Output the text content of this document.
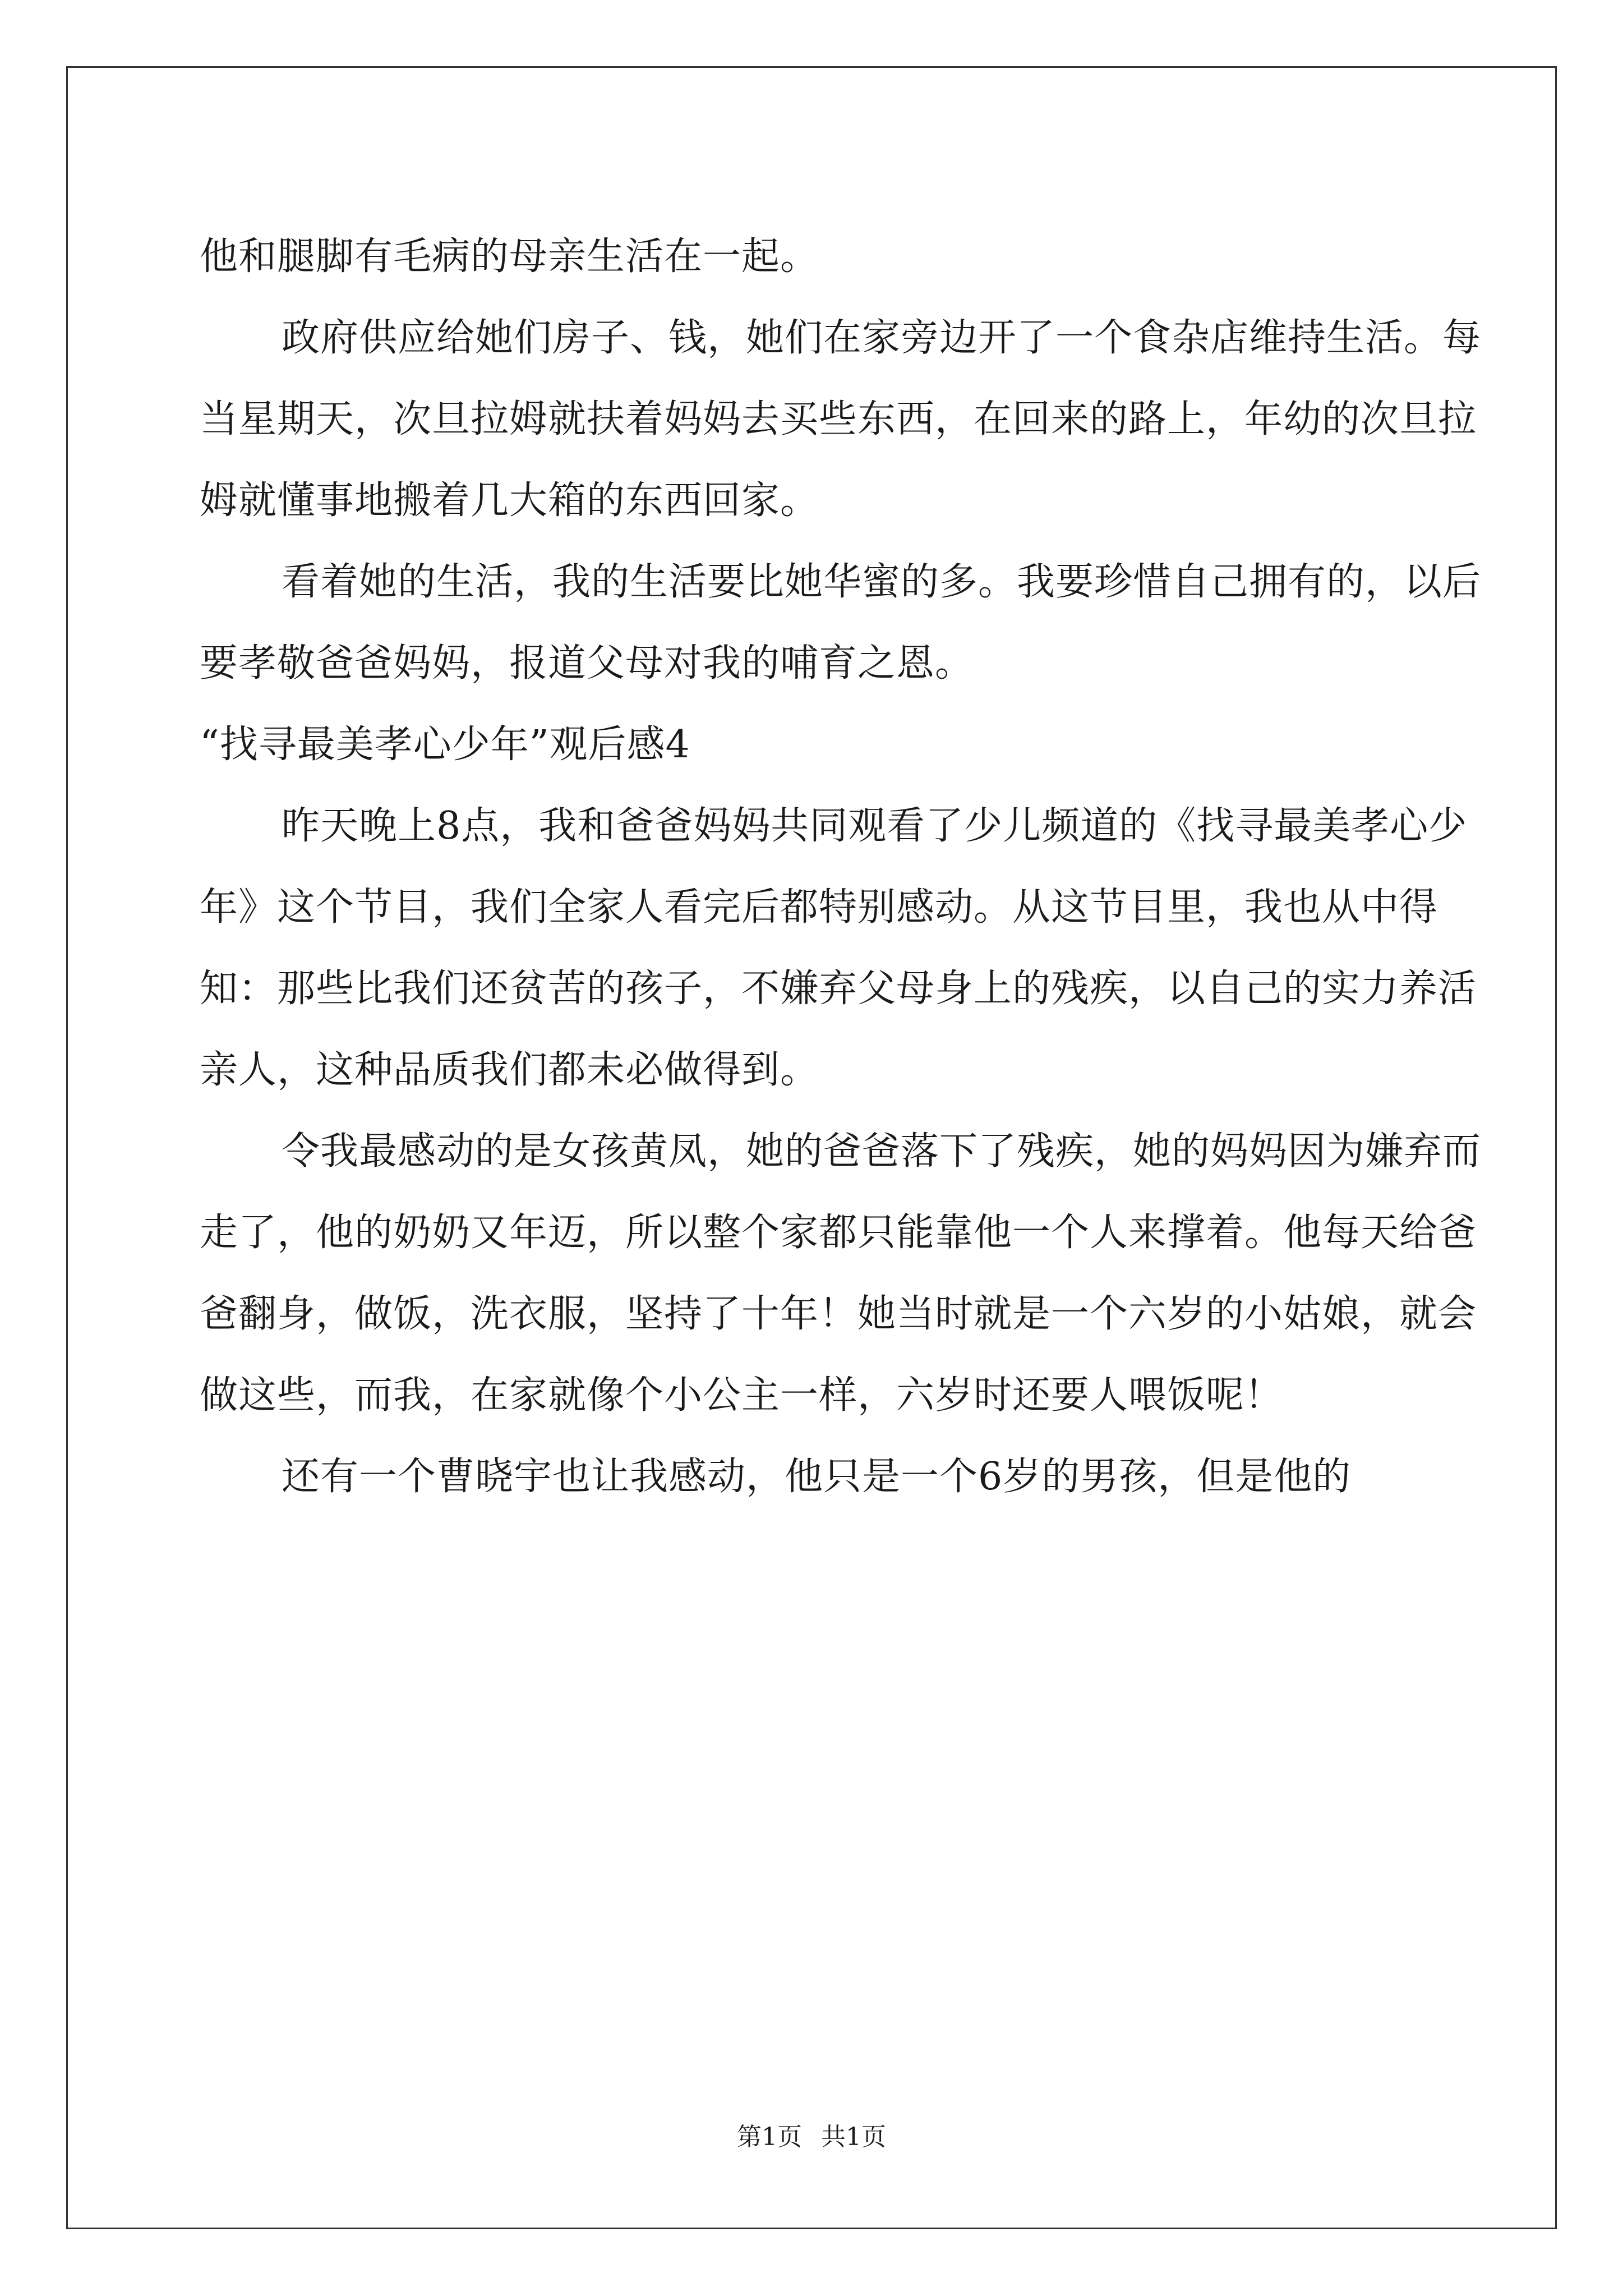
他和腿脚有毛病的母亲生活在一起。

政府供应给她们房子、钱，她们在家旁边开了一个食杂店维持生活。每当星期天，次旦拉姆就扶着妈妈去买些东西，在回来的路上，年幼的次旦拉姆就懂事地搬着几大箱的东西回家。

看着她的生活，我的生活要比她华蜜的多。我要珍惜自己拥有的，以后要孝敬爸爸妈妈，报道父母对我的哺育之恩。

“找寻最美孝心少年”观后感4

昨天晚上8点，我和爸爸妈妈共同观看了少儿频道的《找寻最美孝心少年》这个节目，我们全家人看完后都特别感动。从这节目里，我也从中得知：那些比我们还贫苦的孩子，不嫌弃父母身上的残疾，以自己的实力养活亲人，这种品质我们都未必做得到。

令我最感动的是女孩黄凤，她的爸爸落下了残疾，她的妈妈因为嫌弃而走了，他的奶奶又年迈，所以整个家都只能靠他一个人来撑着。他每天给爸爸翻身，做饭，洗衣服，坚持了十年！她当时就是一个六岁的小姑娘，就会做这些，而我，在家就像个小公主一样，六岁时还要人喂饭呢！

还有一个曹晓宇也让我感动，他只是一个6岁的男孩，但是他的

第1页 共1页
